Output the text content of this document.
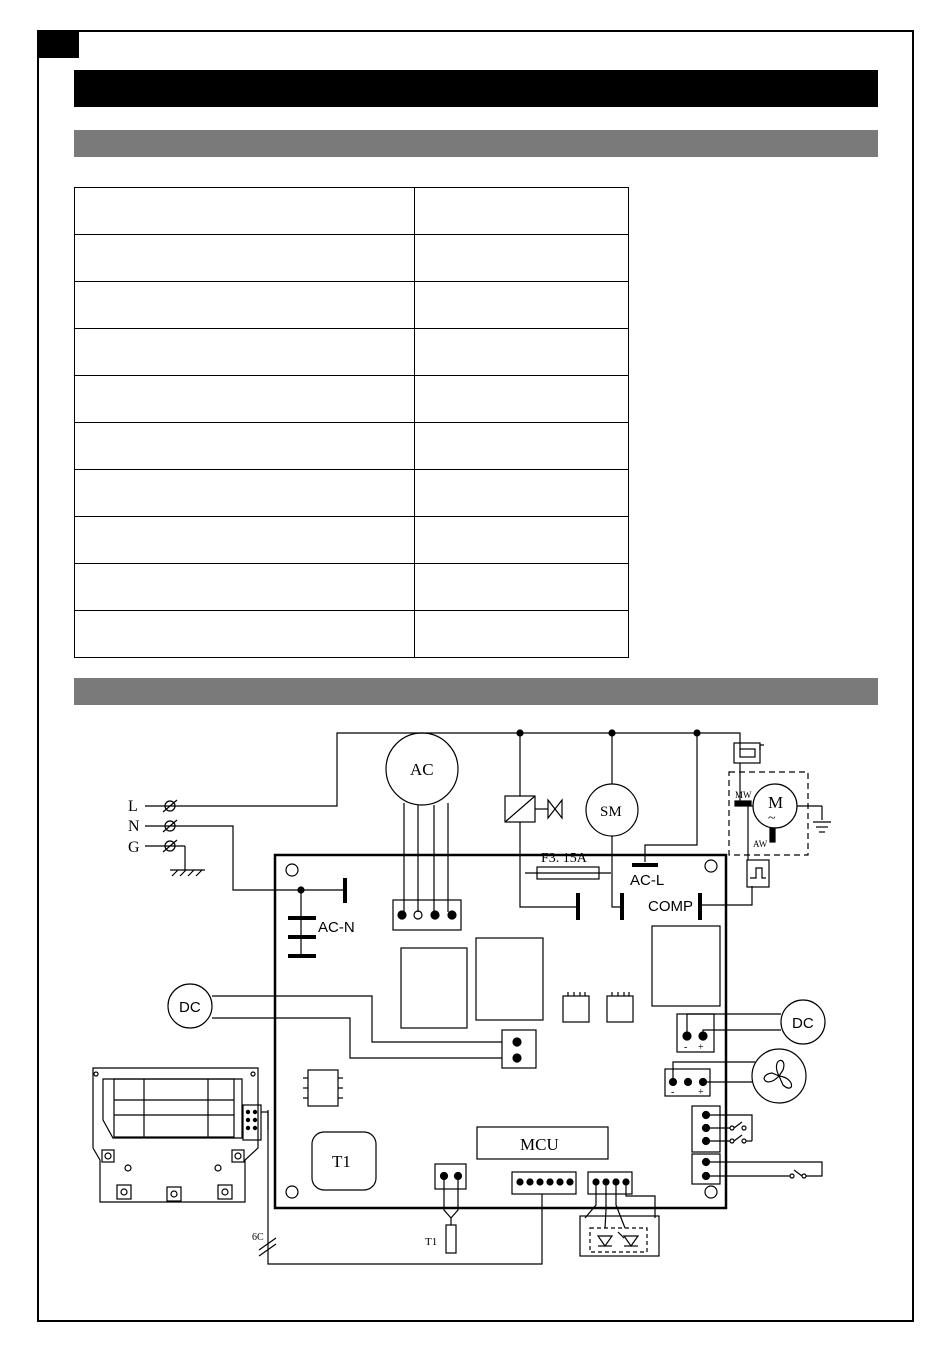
L
N
G
AC-N
AC
SM
F3. 15A
AC-L
COMP
M
~
MW
AW
T1
MCU
DC
DC
- +
- +
T1
6C
